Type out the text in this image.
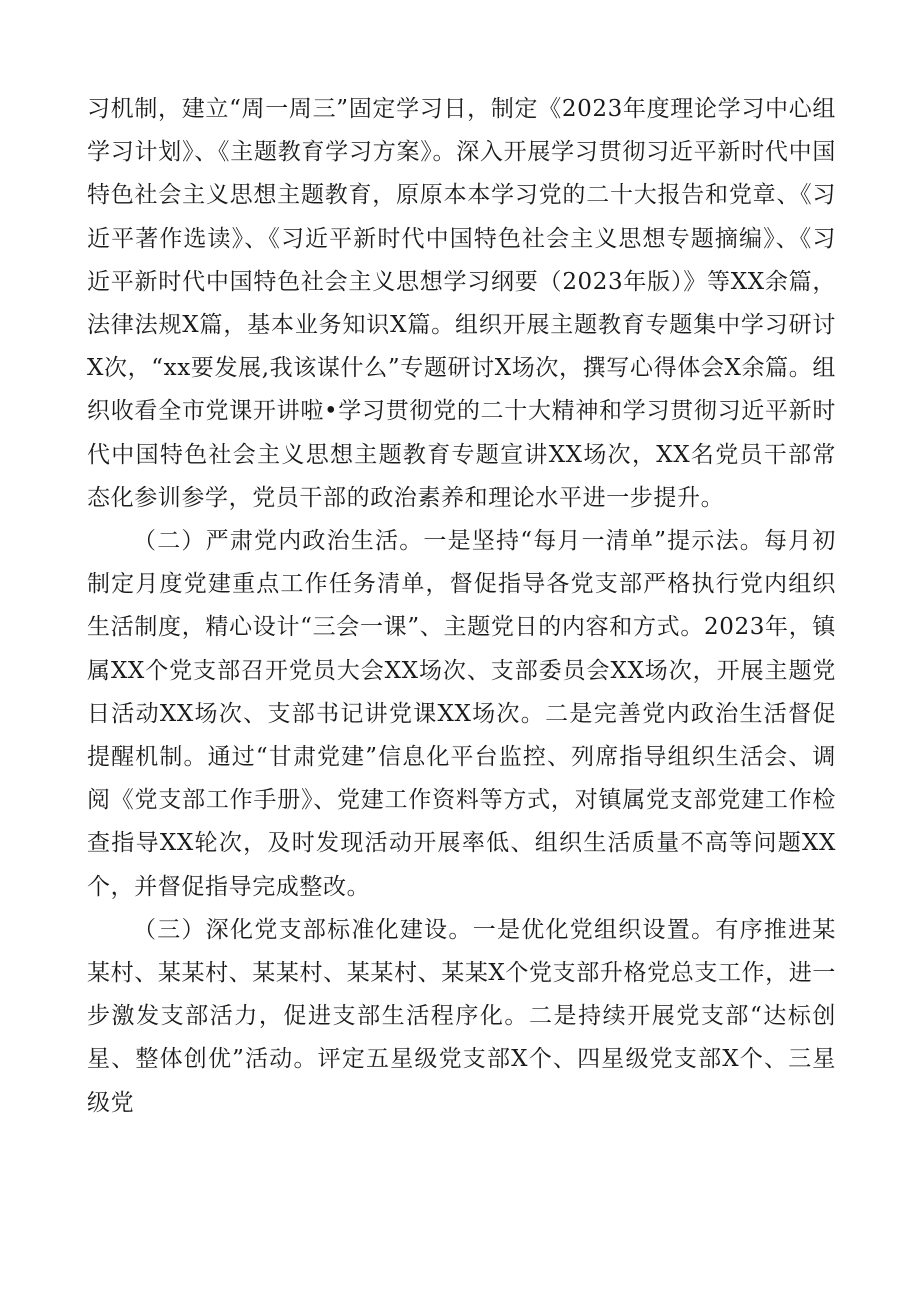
习机制，建立“周一周三”固定学习日，制定《2023年度理论学习中心组学习计划》、《主题教育学习方案》。深入开展学习贯彻习近平新时代中国特色社会主义思想主题教育，原原本本学习党的二十大报告和党章、《习近平著作选读》、《习近平新时代中国特色社会主义思想专题摘编》、《习近平新时代中国特色社会主义思想学习纲要（2023年版）》等XX余篇，法律法规X篇，基本业务知识X篇。组织开展主题教育专题集中学习研讨X次，“xx要发展,我该谋什么”专题研讨X场次，撰写心得体会X余篇。组织收看全市党课开讲啦•学习贯彻党的二十大精神和学习贯彻习近平新时代中国特色社会主义思想主题教育专题宣讲XX场次，XX名党员干部常态化参训参学，党员干部的政治素养和理论水平进一步提升。

（二）严肃党内政治生活。一是坚持“每月一清单”提示法。每月初制定月度党建重点工作任务清单，督促指导各党支部严格执行党内组织生活制度，精心设计“三会一课”、主题党日的内容和方式。2023年，镇属XX个党支部召开党员大会XX场次、支部委员会XX场次，开展主题党日活动XX场次、支部书记讲党课XX场次。二是完善党内政治生活督促提醒机制。通过“甘肃党建”信息化平台监控、列席指导组织生活会、调阅《党支部工作手册》、党建工作资料等方式，对镇属党支部党建工作检查指导XX轮次，及时发现活动开展率低、组织生活质量不高等问题XX个，并督促指导完成整改。

（三）深化党支部标准化建设。一是优化党组织设置。有序推进某某村、某某村、某某村、某某村、某某X个党支部升格党总支工作，进一步激发支部活力，促进支部生活程序化。二是持续开展党支部“达标创星、整体创优”活动。评定五星级党支部X个、四星级党支部X个、三星级党
